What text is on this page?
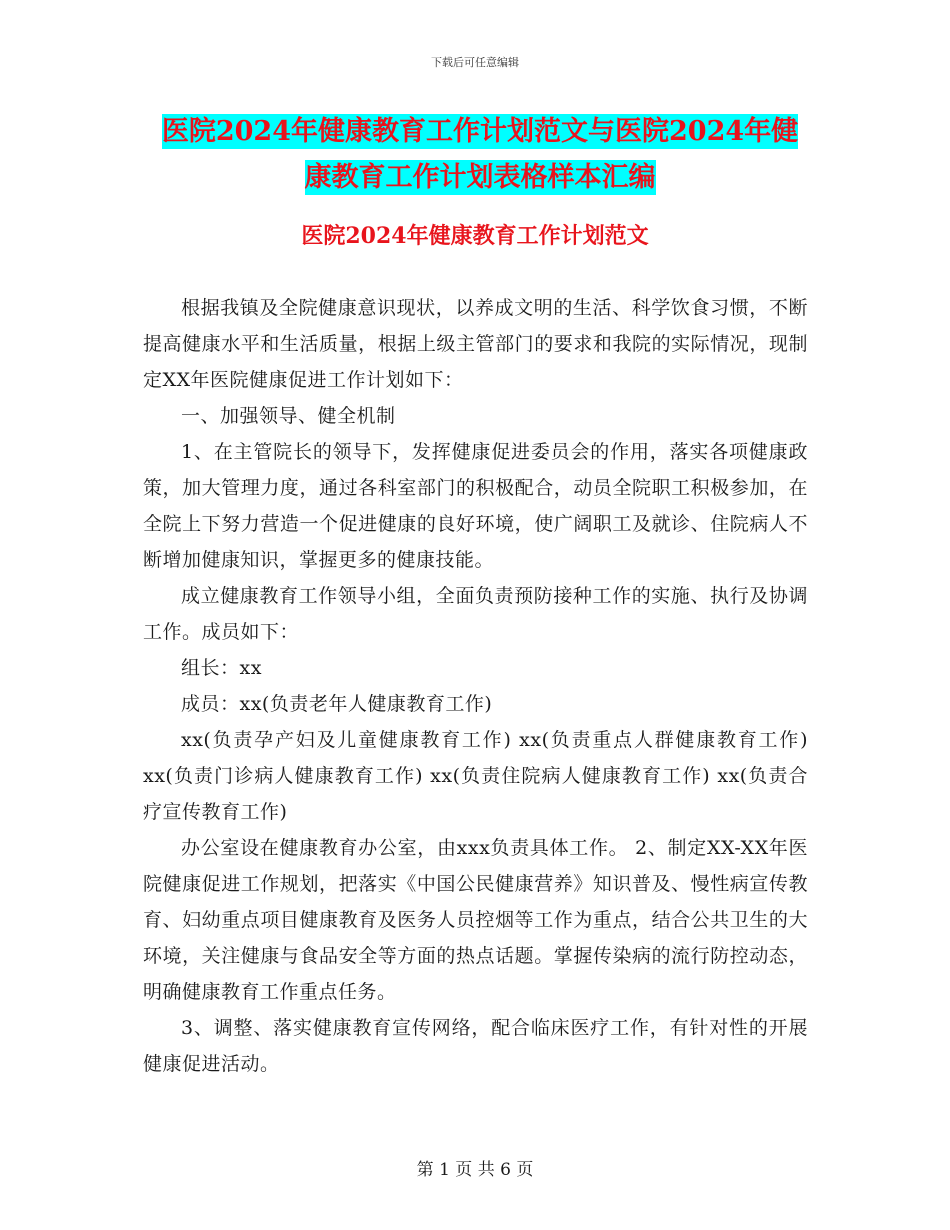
下载后可任意编辑
医院2024年健康教育工作计划范文与医院2024年健
康教育工作计划表格样本汇编
医院2024年健康教育工作计划范文

根据我镇及全院健康意识现状，以养成文明的生活、科学饮食习惯，不断提高健康水平和生活质量，根据上级主管部门的要求和我院的实际情况，现制定XX年医院健康促进工作计划如下：

一、加强领导、健全机制

1、在主管院长的领导下，发挥健康促进委员会的作用，落实各项健康政策，加大管理力度，通过各科室部门的积极配合，动员全院职工积极参加，在全院上下努力营造一个促进健康的良好环境，使广阔职工及就诊、住院病人不断增加健康知识，掌握更多的健康技能。

成立健康教育工作领导小组，全面负责预防接种工作的实施、执行及协调工作。成员如下：

组长：xx

成员：xx(负责老年人健康教育工作)

xx(负责孕产妇及儿童健康教育工作) xx(负责重点人群健康教育工作) xx(负责门诊病人健康教育工作) xx(负责住院病人健康教育工作) xx(负责合疗宣传教育工作)

办公室设在健康教育办公室，由xxx负责具体工作。 2、制定XX-XX年医院健康促进工作规划，把落实《中国公民健康营养》知识普及、慢性病宣传教育、妇幼重点项目健康教育及医务人员控烟等工作为重点，结合公共卫生的大环境，关注健康与食品安全等方面的热点话题。掌握传染病的流行防控动态，明确健康教育工作重点任务。

3、调整、落实健康教育宣传网络，配合临床医疗工作，有针对性的开展健康促进活动。

第 1 页 共 6 页
